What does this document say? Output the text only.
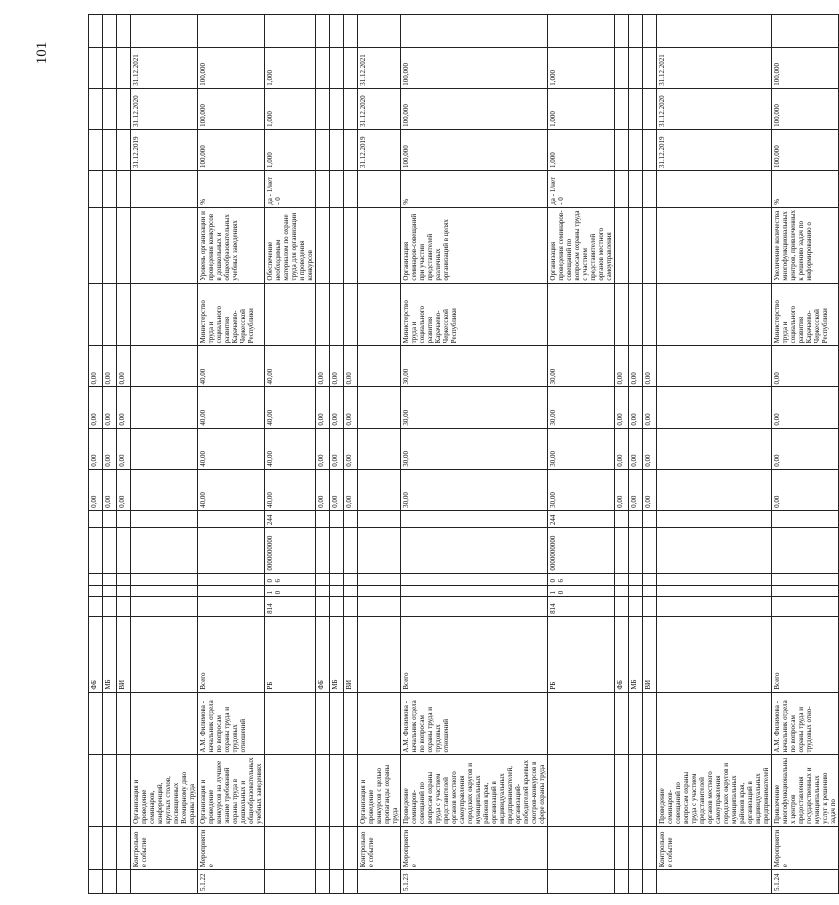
101
				ФБ						0,00	0,00	0,00	0,00							
				МБ						0,00	0,00	0,00	0,00							
				ВИ						0,00	0,00	0,00	0,00							
	Контрольное событие	Организация и проведение семинаров, конференций, круглых столов, посвященных Всемирному дню охраны труда															31.12.2019	31.12.2020	31.12.2021	
5.1.22	Мероприятие	Организация и проведение конкурсов на лучшее знание требований охраны труда в дошкольных и общеобразовательных учебных заведениях	А.М. Филимова - начальник отдела по вопросам охраны труда и трудовых отношений	Всего						40,00	40,00	40,00	40,00	Министерство труда и социального развития Карачаево-Черкесской Республики	Уровень организации и проведения конкурсов в дошкольных и общеобразовательных учебных заведениях	%	100,000	100,000	100,000	
				РБ	814	10	06	0000000000	244	40,00	40,00	40,00	40,00		Обеспечение необходимым материалом по охране труда для организации и проведения конкурсов	да - 1/нет - 0	1,000	1,000	1,000	
				ФБ						0,00	0,00	0,00	0,00							
				МБ						0,00	0,00	0,00	0,00							
				ВИ						0,00	0,00	0,00	0,00							
	Контрольное событие	Организация и проведение конкурсов с целью пропаганды охраны труда															31.12.2019	31.12.2020	31.12.2021	
5.1.23	Мероприятие	Проведение семинаров-совещаний по вопросам охраны труда с участием представителей органов местного самоуправления городских округов и муниципальных районов края, организаций в индивидуальных предпринимателей, организаций-победителей краевых смотров-конкурсов в сфере охраны труда	А.М. Филимова - начальник отдела по вопросам охраны труда и трудовых отношений	Всего						30,00	30,00	30,00	30,00	Министерство труда и социального развития Карачаево-Черкесской Республики	Организация семинаров-совещаний при участии представителей различных организаций в целях	%	100,000	100,000	100,000	
				РБ	814	10	06	0000000000	244	30,00	30,00	30,00	30,00		Организация проведения семинаров-совещаний по вопросам охраны труда с участием представителей органов местного самоуправления	да - 1/нет - 0	1,000	1,000	1,000	
				ФБ						0,00	0,00	0,00	0,00							
				МБ						0,00	0,00	0,00	0,00							
				ВИ						0,00	0,00	0,00	0,00							
	Контрольное событие	Проведение семинаров-совещаний по вопросам охраны труда с участием представителей органов местного самоуправления городских округов и муниципальных районов края, организаций в индивидуальных предпринимателей															31.12.2019	31.12.2020	31.12.2021	
5.1.24	Мероприятие	Привлечение многофункциональных центров предоставления государственных и муниципальных услуг к решению задач по	А.М. Филимова - начальник отдела по вопросам охраны труда и трудовых отно-	Всего						0,00	0,00	0,00	0,00	Министерство труда и социального развития Карачаево-Черкесской Республики	Увеличение количества многофункциональных центров, привлеченных к решению задач по информированию о	%	100,000	100,000	100,000	
